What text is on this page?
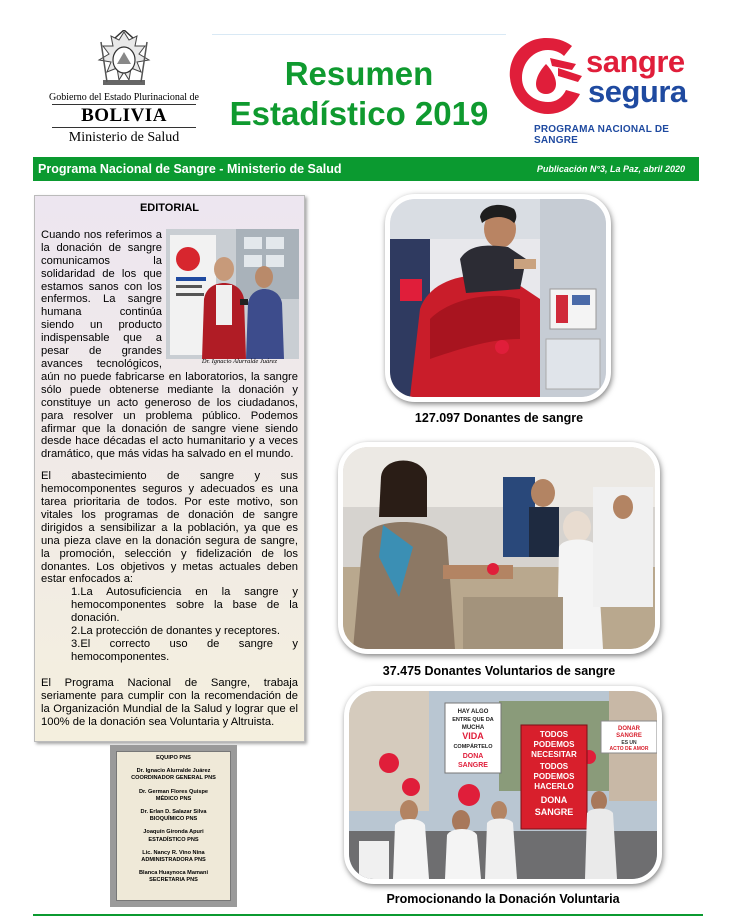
Gobierno del Estado Plurinacional de
BOLIVIA
Ministerio de Salud
Resumen
Estadístico 2019
sangre
segura
PROGRAMA NACIONAL DE SANGRE
Programa Nacional de Sangre - Ministerio de Salud	Publicación N°3, La Paz, abril 2020
EDITORIAL
Dr. Ignacio Alurralde Juárez

Cuando nos referimos a la donación de sangre comunicamos la solidaridad de los que estamos sanos con los enfermos. La sangre humana continúa siendo un producto indispensable que a pesar de grandes avances tecnológicos, aún no puede fabricarse en laboratorios, la sangre sólo puede obtenerse mediante la donación y constituye un acto generoso de los ciudadanos, para resolver un problema público. Podemos afirmar que la donación de sangre viene siendo desde hace décadas el acto humanitario y a veces dramático, que más vidas ha salvado en el mundo.

El abastecimiento de sangre y sus hemocomponentes seguros y adecuados es una tarea prioritaria de todos. Por este motivo, son vitales los programas de donación de sangre dirigidos a sensibilizar a la población, ya que es una pieza clave en la donación segura de sangre, la promoción, selección y fidelización de los donantes. Los objetivos y metas actuales deben estar enfocados a:

1.La Autosuficiencia en la sangre y hemocomponentes sobre la base de la donación.
2.La protección de donantes y receptores.
3.El correcto uso de sangre y hemocomponentes.

El Programa Nacional de Sangre, trabaja seriamente para cumplir con la recomendación de la Organización Mundial de la Salud y lograr que el 100% de la donación sea Voluntaria y Altruista.

EQUIPO PNS
Dr. Ignacio Alurralde Juárez
COORDINADOR GENERAL PNS
Dr. German Flores Quispe
MÉDICO PNS
Dr. Erlan D. Salazar Silva
BIOQUÍMICO PNS
Joaquín Gironda Apuri
ESTADÍSTICO PNS
Lic. Nancy R. Vino Nina
ADMINISTRADORA PNS
Blanca Huaynoca Mamani
SECRETARIA PNS
127.097 Donantes de sangre
37.475 Donantes Voluntarios de sangre
HAY ALGO
ENTRE QUE DA
MUCHA
VIDA
COMPÁRTELO
DONA
SANGRE
TODOS
PODEMOS
NECESITAR
TODOS
PODEMOS
HACERLO
DONA
SANGRE
DONAR
SANGRE
ES UN
ACTO DE AMOR
Promocionando la Donación Voluntaria
